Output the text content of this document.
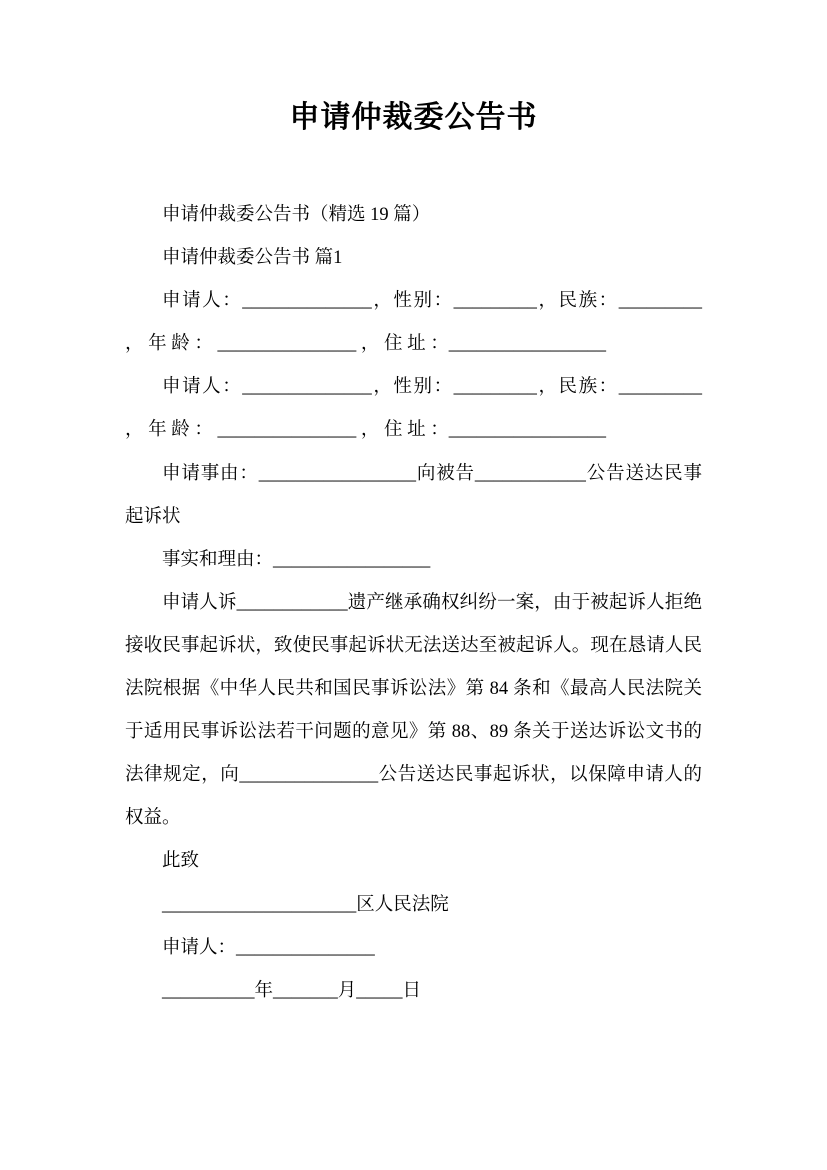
申请仲裁委公告书

申请仲裁委公告书（精选 19 篇）

申请仲裁委公告书 篇1

申请人：______________，性别：_________，民族：_________ ， 年 龄 ： _______________ ， 住 址 ：_________________

申请人：______________，性别：_________，民族：_________ ， 年 龄 ： _______________ ， 住 址 ：_________________

申请事由：_________________向被告____________公告送达民事起诉状

事实和理由：_________________

申请人诉____________遗产继承确权纠纷一案，由于被起诉人拒绝接收民事起诉状，致使民事起诉状无法送达至被起诉人。现在恳请人民法院根据《中华人民共和国民事诉讼法》第 84 条和《最高人民法院关于适用民事诉讼法若干问题的意见》第 88、89 条关于送达诉讼文书的法律规定，向_______________公告送达民事起诉状，以保障申请人的权益。

此致

_____________________区人民法院

申请人：_______________

__________年_______月_____日
